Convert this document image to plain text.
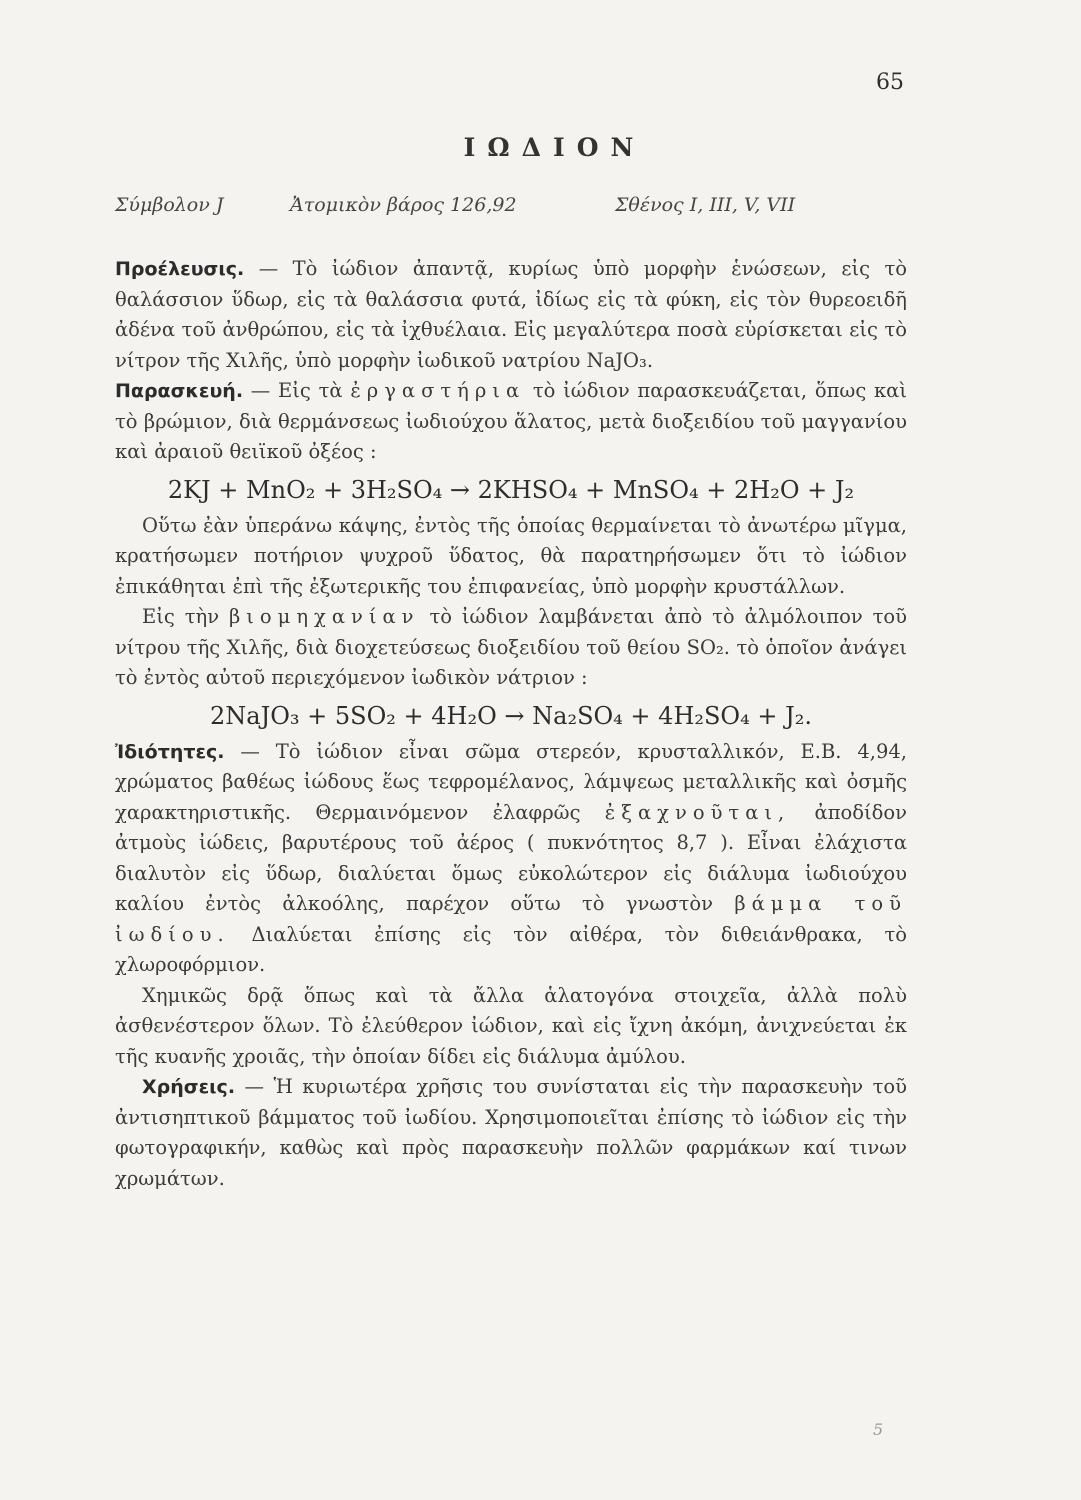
65
ΙΩΔΙΟΝ
Σύμβολον J	Ἀτομικὸν βάρος 126,92	Σθένος I, III, V, VII

Προέλευσις. — Τὸ ἰώδιον ἀπαντᾷ, κυρίως ὑπὸ μορφὴν ἑνώσεων, εἰς τὸ θαλάσσιον ὕδωρ, εἰς τὰ θαλάσσια φυτά, ἰδίως εἰς τὰ φύκη, εἰς τὸν θυρεοειδῆ ἀδένα τοῦ ἀνθρώπου, εἰς τὰ ἰχθυέλαια. Εἰς μεγαλύτερα ποσὰ εὑρίσκεται εἰς τὸ νίτρον τῆς Χιλῆς, ὑπὸ μορφὴν ἰωδικοῦ νατρίου NaJO₃.

Παρασκευή. — Εἰς τὰ ἐργαστήρια τὸ ἰώδιον παρασκευάζεται, ὅπως καὶ τὸ βρώμιον, διὰ θερμάνσεως ἰωδιούχου ἅλατος, μετὰ διοξειδίου τοῦ μαγγανίου καὶ ἀραιοῦ θειϊκοῦ ὀξέος :

2KJ + MnO₂ + 3H₂SO₄ → 2KHSO₄ + MnSO₄ + 2H₂O + J₂

Οὕτω ἐὰν ὑπεράνω κάψης, ἐντὸς τῆς ὁποίας θερμαίνεται τὸ ἀνωτέρω μῖγμα, κρατήσωμεν ποτήριον ψυχροῦ ὕδατος, θὰ παρατηρήσωμεν ὅτι τὸ ἰώδιον ἐπικάθηται ἐπὶ τῆς ἐξωτερικῆς του ἐπιφανείας, ὑπὸ μορφὴν κρυστάλλων.

Εἰς τὴν βιομηχανίαν τὸ ἰώδιον λαμβάνεται ἀπὸ τὸ ἀλμόλοιπον τοῦ νίτρου τῆς Χιλῆς, διὰ διοχετεύσεως διοξειδίου τοῦ θείου SO₂. τὸ ὁποῖον ἀνάγει τὸ ἐντὸς αὐτοῦ περιεχόμενον ἰωδικὸν νάτριον :

2NaJO₃ + 5SO₂ + 4H₂O → Na₂SO₄ + 4H₂SO₄ + J₂.

Ἰδιότητες. — Τὸ ἰώδιον εἶναι σῶμα στερεόν, κρυσταλλικόν, Ε.Β. 4,94, χρώματος βαθέως ἰώδους ἕως τεφρομέλανος, λάμψεως μεταλλικῆς καὶ ὀσμῆς χαρακτηριστικῆς. Θερμαινόμενον ἐλαφρῶς ἐξαχνοῦται, ἀποδίδον ἀτμοὺς ἰώδεις, βαρυτέρους τοῦ ἀέρος ( πυκνότητος 8,7 ). Εἶναι ἐλάχιστα διαλυτὸν εἰς ὕδωρ, διαλύεται ὅμως εὐκολώτερον εἰς διάλυμα ἰωδιούχου καλίου ἐντὸς ἀλκοόλης, παρέχον οὕτω τὸ γνωστὸν βάμμα τοῦ ἰωδίου. Διαλύεται ἐπίσης εἰς τὸν αἰθέρα, τὸν διθειάνθρακα, τὸ χλωροφόρμιον.

Χημικῶς δρᾷ ὅπως καὶ τὰ ἄλλα ἁλατογόνα στοιχεῖα, ἀλλὰ πολὺ ἀσθενέστερον ὅλων. Τὸ ἐλεύθερον ἰώδιον, καὶ εἰς ἴχνη ἀκόμη, ἀνιχνεύεται ἐκ τῆς κυανῆς χροιᾶς, τὴν ὁποίαν δίδει εἰς διάλυμα ἀμύλου.

Χρήσεις. — Ἡ κυριωτέρα χρῆσις του συνίσταται εἰς τὴν παρασκευὴν τοῦ ἀντισηπτικοῦ βάμματος τοῦ ἰωδίου. Χρησιμοποιεῖται ἐπίσης τὸ ἰώδιον εἰς τὴν φωτογραφικήν, καθὼς καὶ πρὸς παρασκευὴν πολλῶν φαρμάκων καί τινων χρωμάτων.

5
